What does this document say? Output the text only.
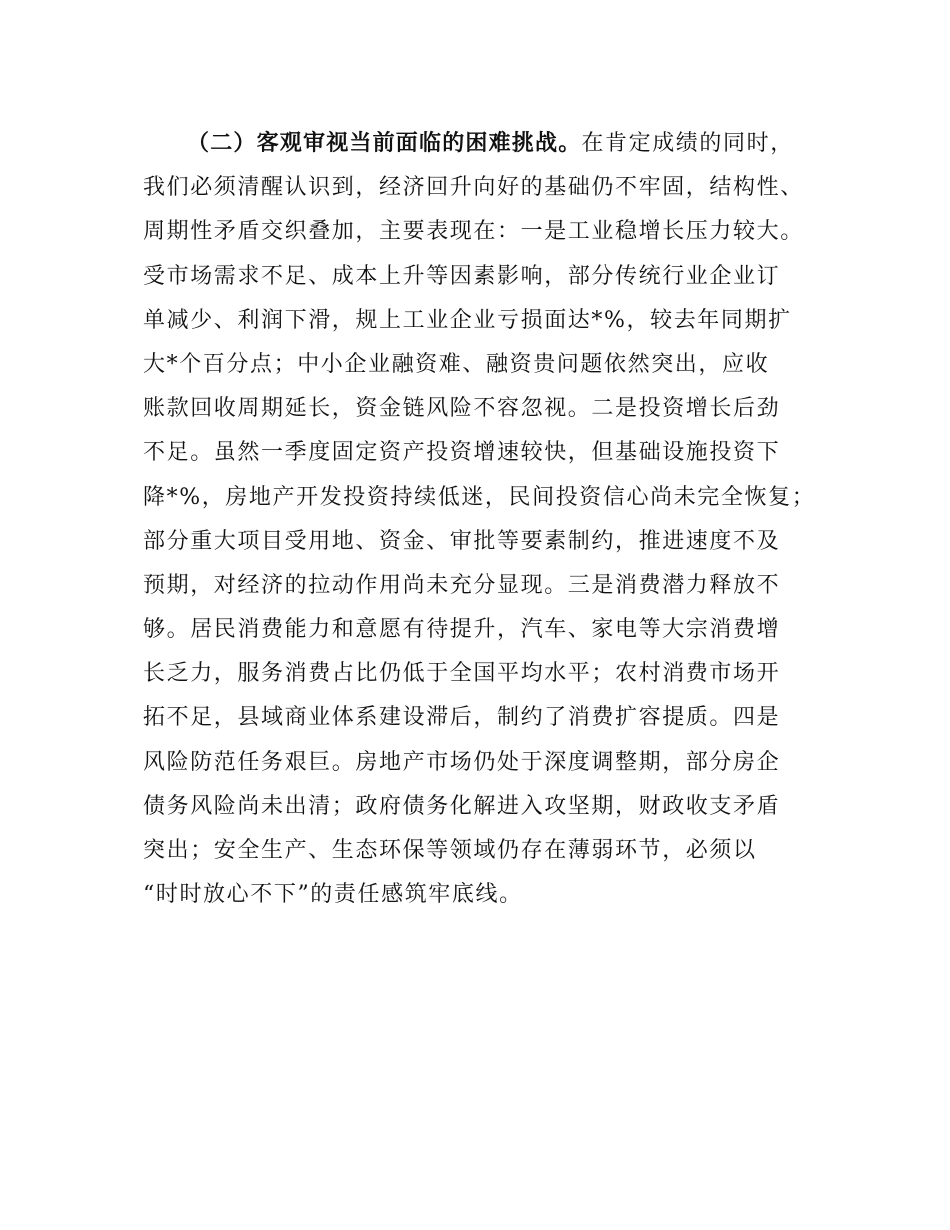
（二）客观审视当前面临的困难挑战。在肯定成绩的同时，
我们必须清醒认识到，经济回升向好的基础仍不牢固，结构性、
周期性矛盾交织叠加，主要表现在：一是工业稳增长压力较大。
受市场需求不足、成本上升等因素影响，部分传统行业企业订
单减少、利润下滑，规上工业企业亏损面达*%，较去年同期扩
大*个百分点；中小企业融资难、融资贵问题依然突出，应收
账款回收周期延长，资金链风险不容忽视。二是投资增长后劲
不足。虽然一季度固定资产投资增速较快，但基础设施投资下
降*%，房地产开发投资持续低迷，民间投资信心尚未完全恢复；
部分重大项目受用地、资金、审批等要素制约，推进速度不及
预期，对经济的拉动作用尚未充分显现。三是消费潜力释放不
够。居民消费能力和意愿有待提升，汽车、家电等大宗消费增
长乏力，服务消费占比仍低于全国平均水平；农村消费市场开
拓不足，县域商业体系建设滞后，制约了消费扩容提质。四是
风险防范任务艰巨。房地产市场仍处于深度调整期，部分房企
债务风险尚未出清；政府债务化解进入攻坚期，财政收支矛盾
突出；安全生产、生态环保等领域仍存在薄弱环节，必须以
“时时放心不下”的责任感筑牢底线。
